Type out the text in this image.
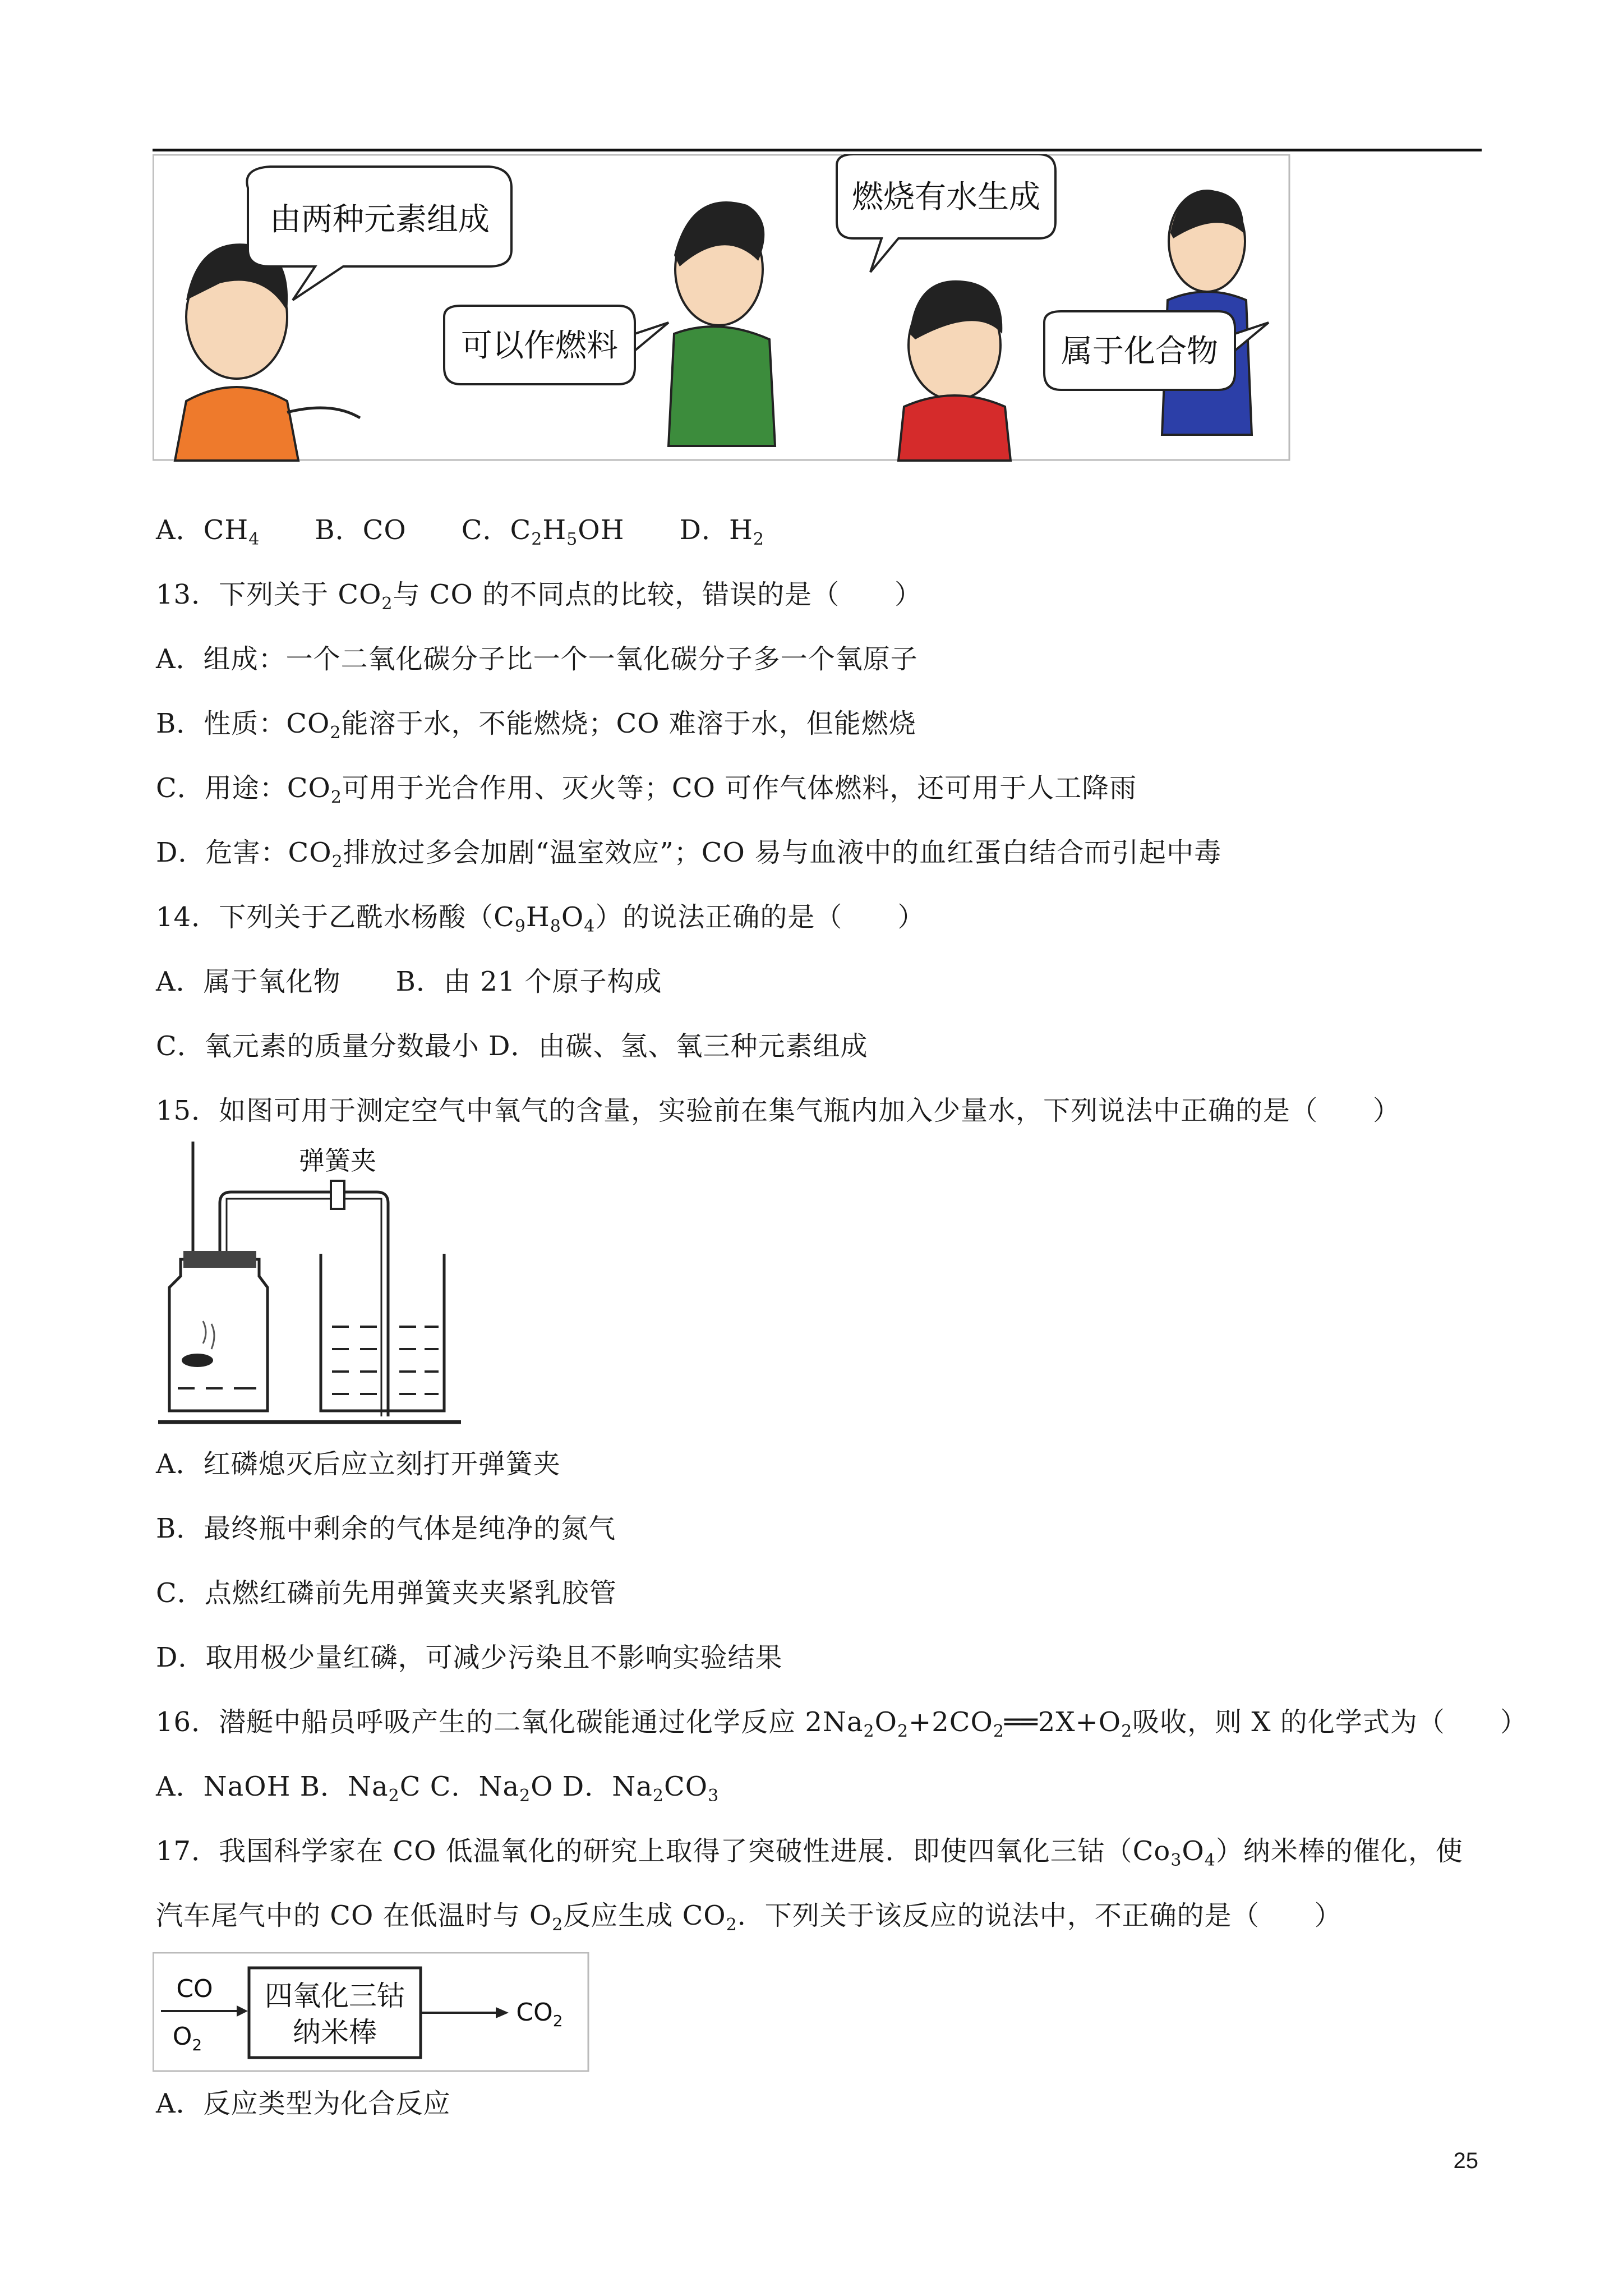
由两种元素组成
可以作燃料
燃烧有水生成
属于化合物
A．$CH_4$　　 B．CO　　 C．$C_2H_5OH$　　 D．$H_2$
13．下列关于 $CO_2$与 CO 的不同点的比较，错误的是（　　）
A．组成：一个二氧化碳分子比一个一氧化碳分子多一个氧原子
B．性质：$CO_2$能溶于水，不能燃烧；CO 难溶于水，但能燃烧
C．用途：$CO_2$可用于光合作用、灭火等；CO 可作气体燃料，还可用于人工降雨
D．危害：$CO_2$排放过多会加剧“温室效应”；CO 易与血液中的血红蛋白结合而引起中毒
14．下列关于乙酰水杨酸$(C_9H_8O_4)$的说法正确的是（　　）
A．属于氧化物　　B．由 21 个原子构成
C．氧元素的质量分数最小 D．由碳、氢、氧三种元素组成
15．如图可用于测定空气中氧气的含量，实验前在集气瓶内加入少量水，下列说法中正确的是（　　）
弹簧夹
A．红磷熄灭后应立刻打开弹簧夹
B．最终瓶中剩余的气体是纯净的氮气
C．点燃红磷前先用弹簧夹夹紧乳胶管
D．取用极少量红磷，可减少污染且不影响实验结果
16．潜艇中船员呼吸产生的二氧化碳能通过化学反应 $2Na_2O_2+2CO_2══2X+O_2$吸收，则 X 的化学式为（　　）
A．NaOH B．$Na_2C$ C．$Na_2O$ D．$Na_2CO_3$
17．我国科学家在 CO 低温氧化的研究上取得了突破性进展．即使四氧化三钴$(Co_3O_4)$纳米棒的催化，使
汽车尾气中的 CO 在低温时与 $O_2$反应生成 $CO_2$．下列关于该反应的说法中，不正确的是（　　）
CO
$O_2$
四氧化三钴
纳米棒
$CO_2$
A．反应类型为化合反应
25
